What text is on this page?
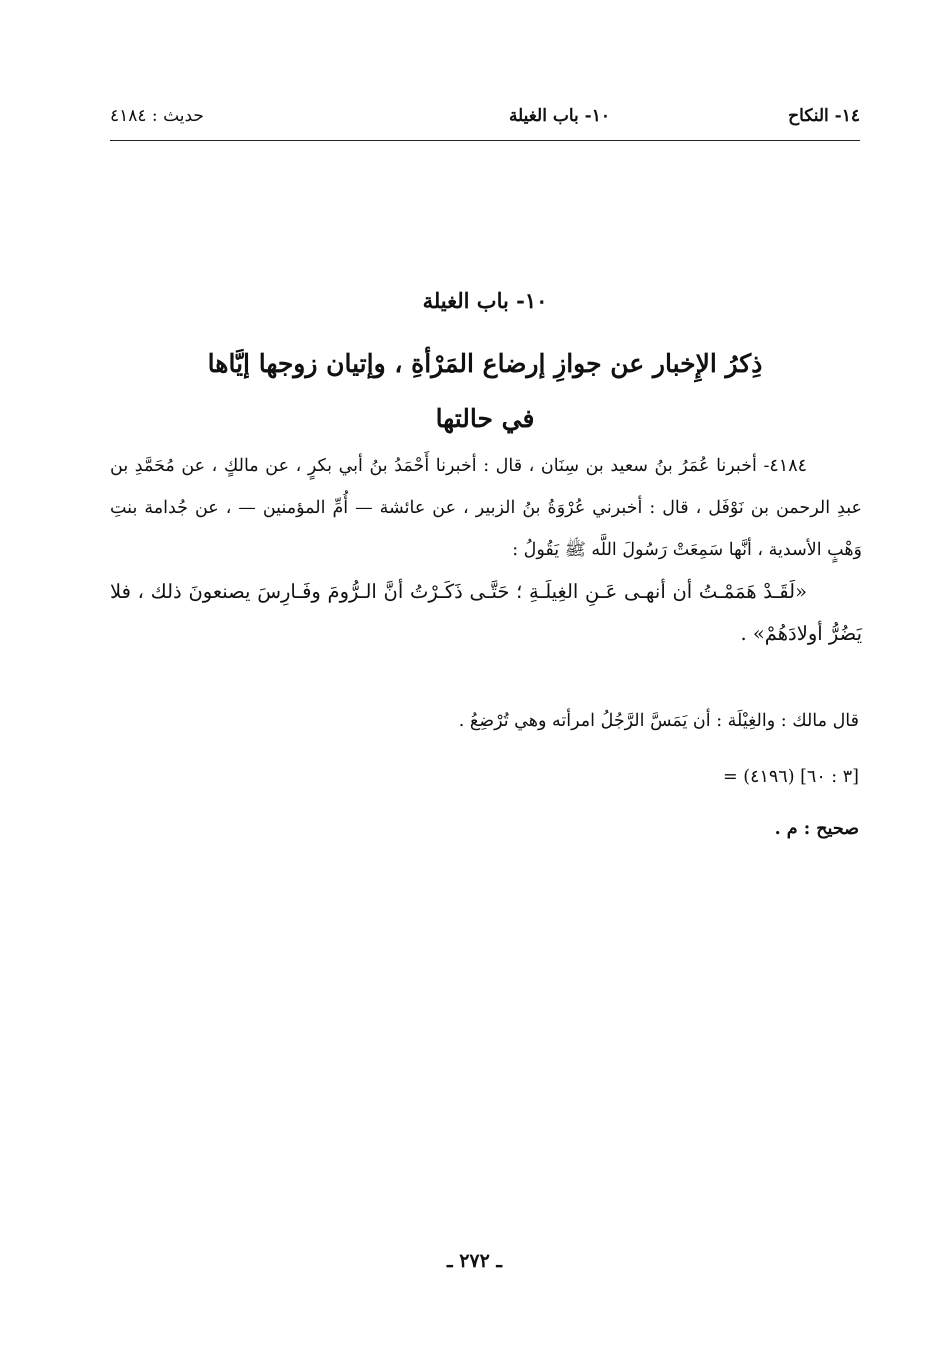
١٤- النكاح
١٠- باب الغيلة
حديث : ٤١٨٤
١٠- باب الغيلة
ذِكرُ الإِخبار عن جوازِ إرضاع المَرْأةِ ، وإتيان زوجها إيَّاها
في حالتها

٤١٨٤- أخبرنا عُمَرُ بنُ سعيد بن سِنَان ، قال : أخبرنا أَحْمَدُ بنُ أبي بكرٍ ، عن مالكٍ ، عن مُحَمَّدِ بن عبدِ الرحمن بن نَوْفَل ، قال : أخبرني عُرْوَةُ بنُ الزبير ، عن عائشة — أُمِّ المؤمنين — ، عن جُدامة بنتِ وَهْبٍ الأسدية ، أنَّها سَمِعَتْ رَسُولَ اللَّه ﷺ يَقُولُ :

«لَقَـدْ هَمَمْـتُ أن أنهـى عَـنِ الغِيلَـةِ ؛ حَتَّـى ذَكَـرْتُ أنَّ الـرُّومَ وفَـارِسَ يصنعونَ ذلك ، فلا يَضُرُّ أولادَهُمْ» .

قال مالك : والغِيْلَة : أن يَمَسَّ الرَّجُلُ امرأته وهي تُرْضِعُ .
= (٤١٩٦) [٣ : ٦٠]
صحيح : م .
ـ ٢٧٢ ـ
